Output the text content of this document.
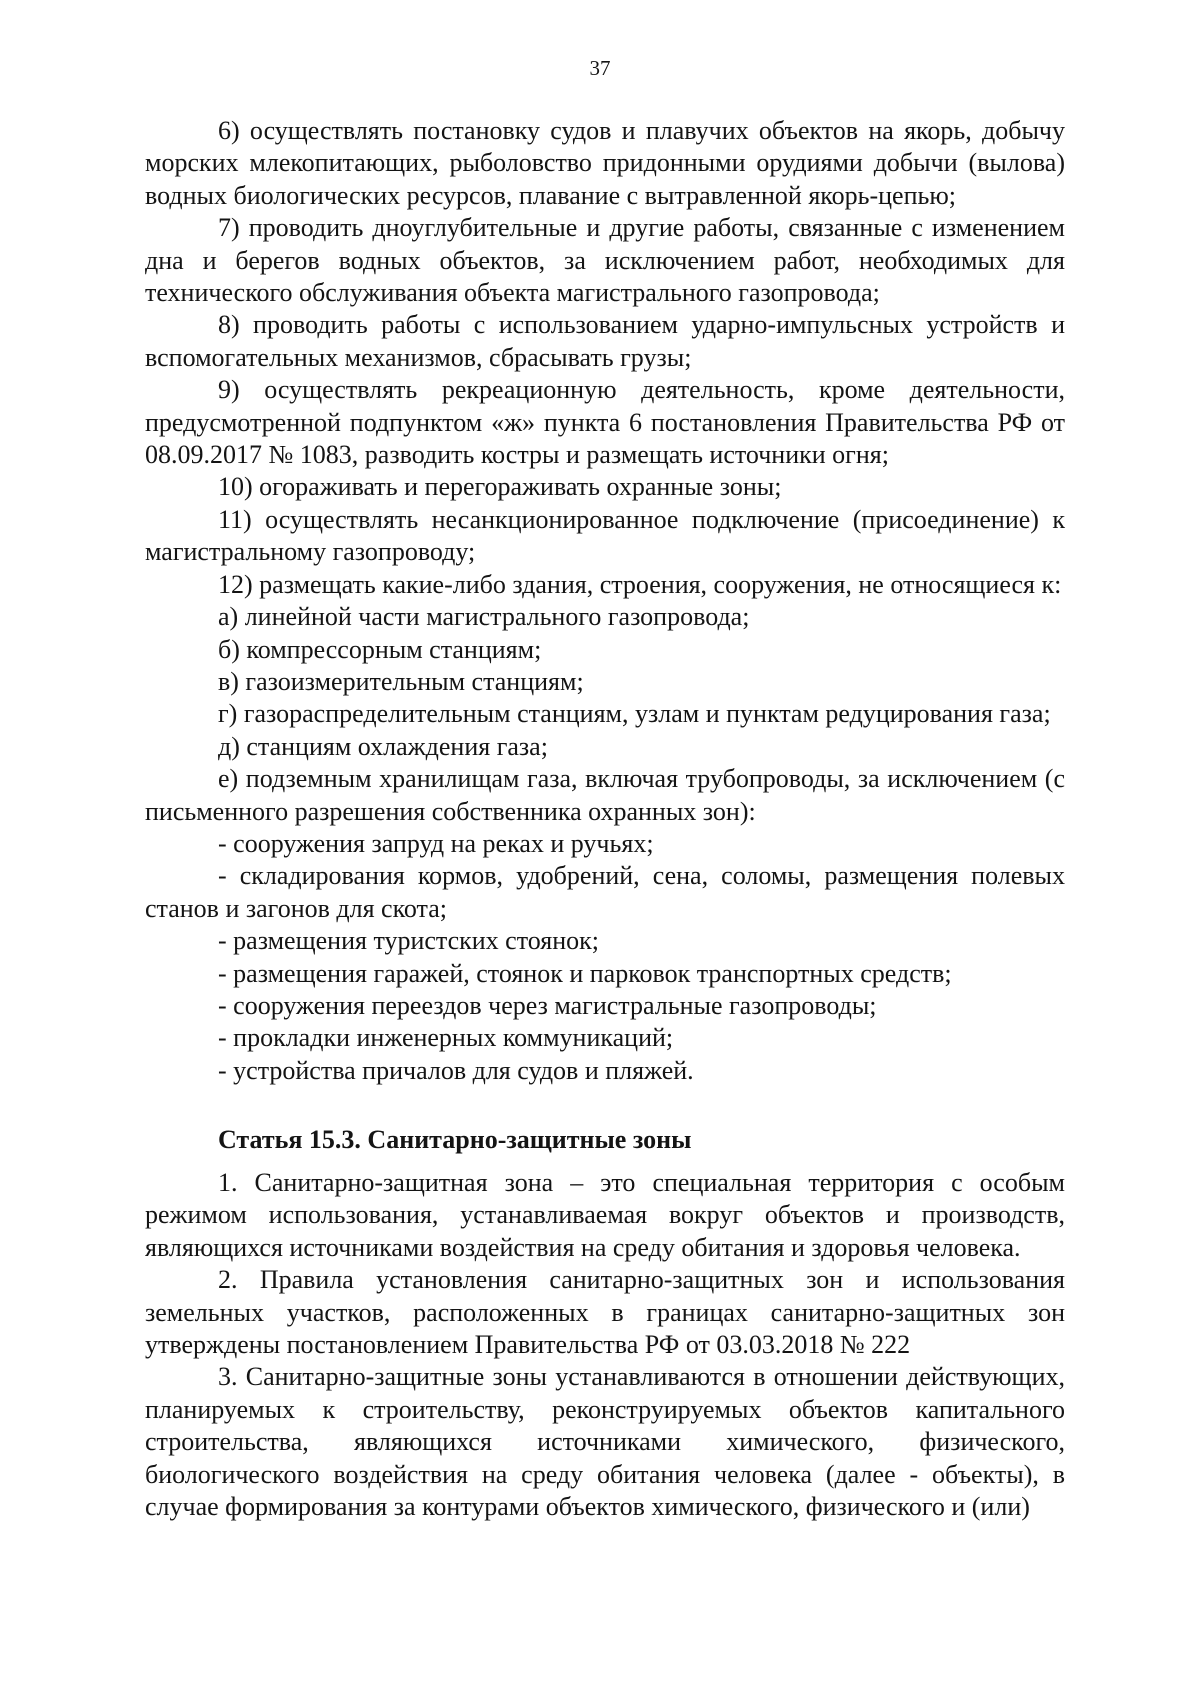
37

6) осуществлять постановку судов и плавучих объектов на якорь, добычу морских млекопитающих, рыболовство придонными орудиями добычи (вылова) водных биологических ресурсов, плавание с вытравленной якорь-цепью;

7) проводить дноуглубительные и другие работы, связанные с изменением дна и берегов водных объектов, за исключением работ, необходимых для технического обслуживания объекта магистрального газопровода;

8) проводить работы с использованием ударно-импульсных устройств и вспомогательных механизмов, сбрасывать грузы;

9) осуществлять рекреационную деятельность, кроме деятельности, предусмотренной подпунктом «ж» пункта 6 постановления Правительства РФ от 08.09.2017 № 1083, разводить костры и размещать источники огня;

10) огораживать и перегораживать охранные зоны;

11) осуществлять несанкционированное подключение (присоединение) к магистральному газопроводу;

12) размещать какие-либо здания, строения, сооружения, не относящиеся к:

а) линейной части магистрального газопровода;

б) компрессорным станциям;

в) газоизмерительным станциям;

г) газораспределительным станциям, узлам и пунктам редуцирования газа;

д) станциям охлаждения газа;

е) подземным хранилищам газа, включая трубопроводы, за исключением (с письменного разрешения собственника охранных зон):

- сооружения запруд на реках и ручьях;

- складирования кормов, удобрений, сена, соломы, размещения полевых станов и загонов для скота;

- размещения туристских стоянок;

- размещения гаражей, стоянок и парковок транспортных средств;

- сооружения переездов через магистральные газопроводы;

- прокладки инженерных коммуникаций;

- устройства причалов для судов и пляжей.

Статья 15.3. Санитарно-защитные зоны

1. Санитарно-защитная зона – это специальная территория с особым режимом использования, устанавливаемая вокруг объектов и производств, являющихся источниками воздействия на среду обитания и здоровья человека.

2. Правила установления санитарно-защитных зон и использования земельных участков, расположенных в границах санитарно-защитных зон утверждены постановлением Правительства РФ от 03.03.2018 № 222

3. Санитарно-защитные зоны устанавливаются в отношении действующих, планируемых к строительству, реконструируемых объектов капитального строительства, являющихся источниками химического, физического, биологического воздействия на среду обитания человека (далее - объекты), в случае формирования за контурами объектов химического, физического и (или)
